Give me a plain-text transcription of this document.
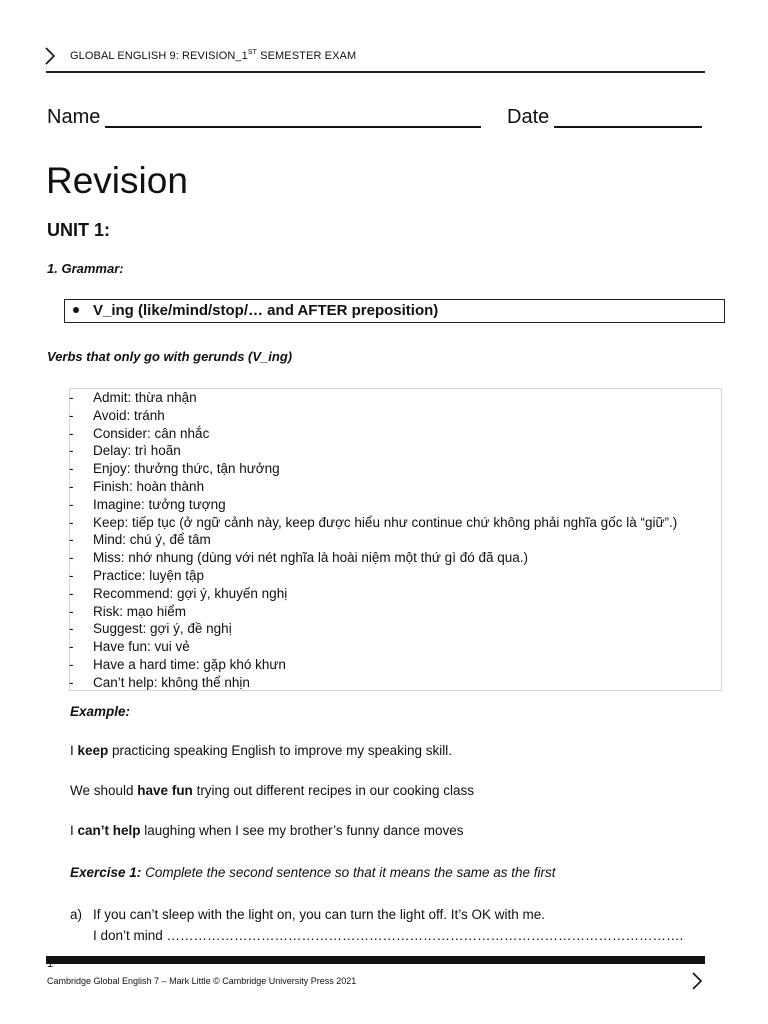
GLOBAL ENGLISH 9: REVISION_1ST SEMESTER EXAM
Name	Date
Revision
UNIT 1:
1. Grammar:
V_ing (like/mind/stop/… and AFTER preposition)
Verbs that only go with gerunds (V_ing)
- Admit: thừa nhận
- Avoid: tránh
- Consider: cân nhắc
- Delay: trì hoãn
- Enjoy: thưởng thức, tận hưởng
- Finish: hoàn thành
- Imagine: tưởng tượng
- Keep: tiếp tục (ở ngữ cảnh này, keep được hiểu như continue chứ không phải nghĩa gốc là “giữ”.)
- Mind: chú ý, để tâm
- Miss: nhớ nhung (dùng với nét nghĩa là hoài niệm một thứ gì đó đã qua.)
- Practice: luyện tập
- Recommend: gợi ý, khuyến nghị
- Risk: mạo hiểm
- Suggest: gợi ý, đề nghị
- Have fun: vui vẻ
- Have a hard time: gặp khó khưn
- Can’t help: không thể nhịn
Example:
I keep practicing speaking English to improve my speaking skill.
We should have fun trying out different recipes in our cooking class
I can’t help laughing when I see my brother’s funny dance moves
Exercise 1: Complete the second sentence so that it means the same as the first
a) If you can’t sleep with the light on, you can turn the light off. It’s OK with me.
I don’t mind …………………………………………………………………………………………………….
1
Cambridge Global English 7 – Mark Little © Cambridge University Press 2021
